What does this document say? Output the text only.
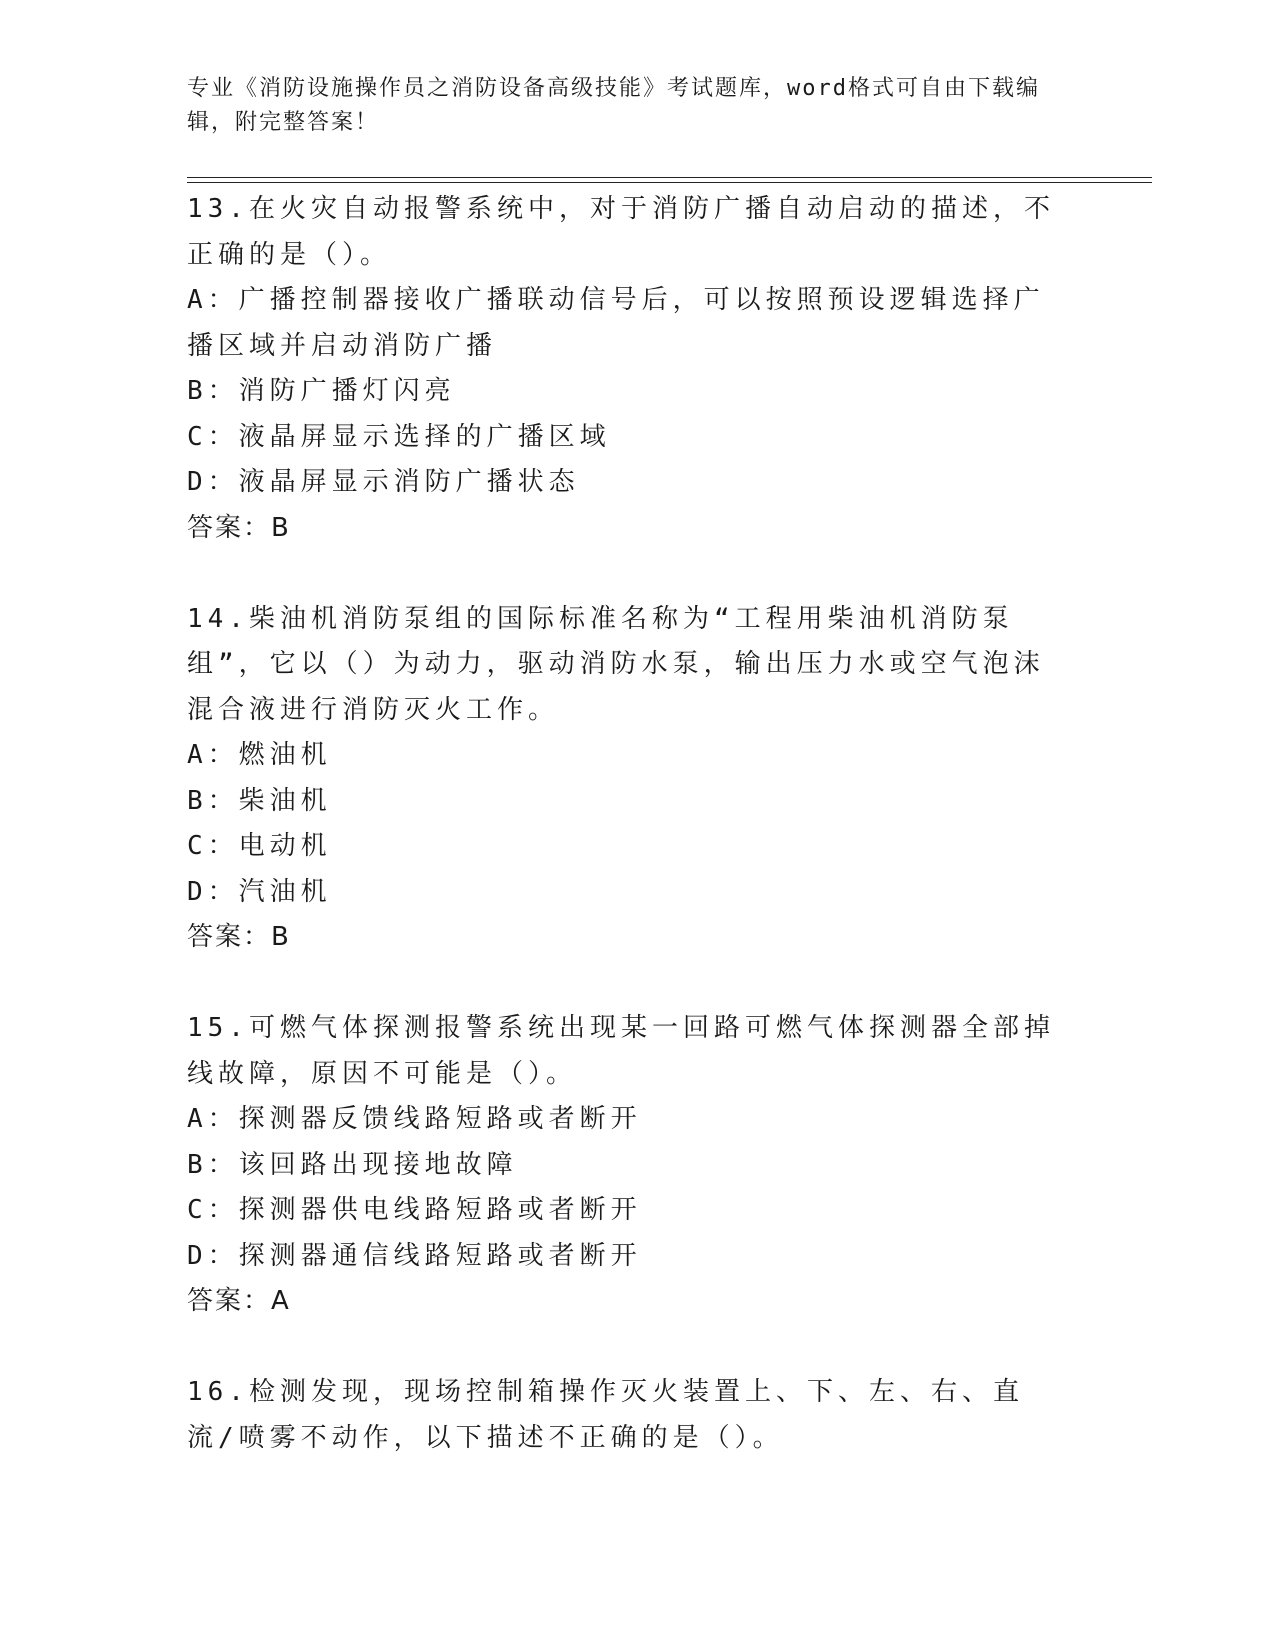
专业《消防设施操作员之消防设备高级技能》考试题库，word格式可自由下载编辑，附完整答案！
13.在火灾自动报警系统中，对于消防广播自动启动的描述，不正确的是（）。
A：广播控制器接收广播联动信号后，可以按照预设逻辑选择广播区域并启动消防广播
B：消防广播灯闪亮
C：液晶屏显示选择的广播区域
D：液晶屏显示消防广播状态
答案：B
14.柴油机消防泵组的国际标准名称为“工程用柴油机消防泵组”，它以（）为动力，驱动消防水泵，输出压力水或空气泡沫混合液进行消防灭火工作。
A：燃油机
B：柴油机
C：电动机
D：汽油机
答案：B
15.可燃气体探测报警系统出现某一回路可燃气体探测器全部掉线故障，原因不可能是（）。
A：探测器反馈线路短路或者断开
B：该回路出现接地故障
C：探测器供电线路短路或者断开
D：探测器通信线路短路或者断开
答案：A
16.检测发现，现场控制箱操作灭火装置上、下、左、右、直流/喷雾不动作，以下描述不正确的是（）。
